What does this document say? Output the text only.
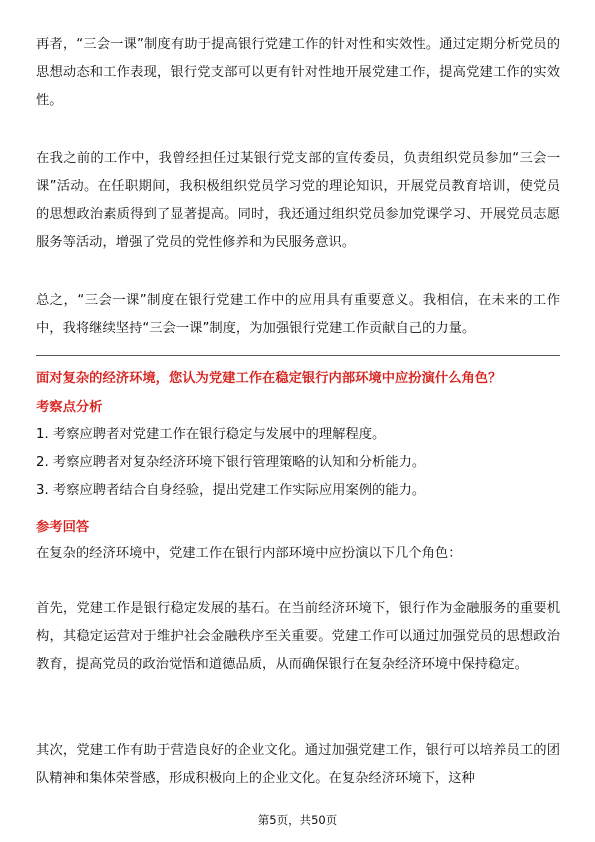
再者，“三会一课”制度有助于提高银行党建工作的针对性和实效性。通过定期分析党员的思想动态和工作表现，银行党支部可以更有针对性地开展党建工作，提高党建工作的实效性。

在我之前的工作中，我曾经担任过某银行党支部的宣传委员，负责组织党员参加“三会一课”活动。在任职期间，我积极组织党员学习党的理论知识，开展党员教育培训，使党员的思想政治素质得到了显著提高。同时，我还通过组织党员参加党课学习、开展党员志愿服务等活动，增强了党员的党性修养和为民服务意识。

总之，“三会一课”制度在银行党建工作中的应用具有重要意义。我相信，在未来的工作中，我将继续坚持“三会一课”制度，为加强银行党建工作贡献自己的力量。

面对复杂的经济环境，您认为党建工作在稳定银行内部环境中应扮演什么角色？
考察点分析
1. 考察应聘者对党建工作在银行稳定与发展中的理解程度。
2. 考察应聘者对复杂经济环境下银行管理策略的认知和分析能力。
3. 考察应聘者结合自身经验，提出党建工作实际应用案例的能力。
参考回答

在复杂的经济环境中，党建工作在银行内部环境中应扮演以下几个角色：

首先，党建工作是银行稳定发展的基石。在当前经济环境下，银行作为金融服务的重要机构，其稳定运营对于维护社会金融秩序至关重要。党建工作可以通过加强党员的思想政治教育，提高党员的政治觉悟和道德品质，从而确保银行在复杂经济环境中保持稳定。

其次，党建工作有助于营造良好的企业文化。通过加强党建工作，银行可以培养员工的团队精神和集体荣誉感，形成积极向上的企业文化。在复杂经济环境下，这种

第5页，共50页
